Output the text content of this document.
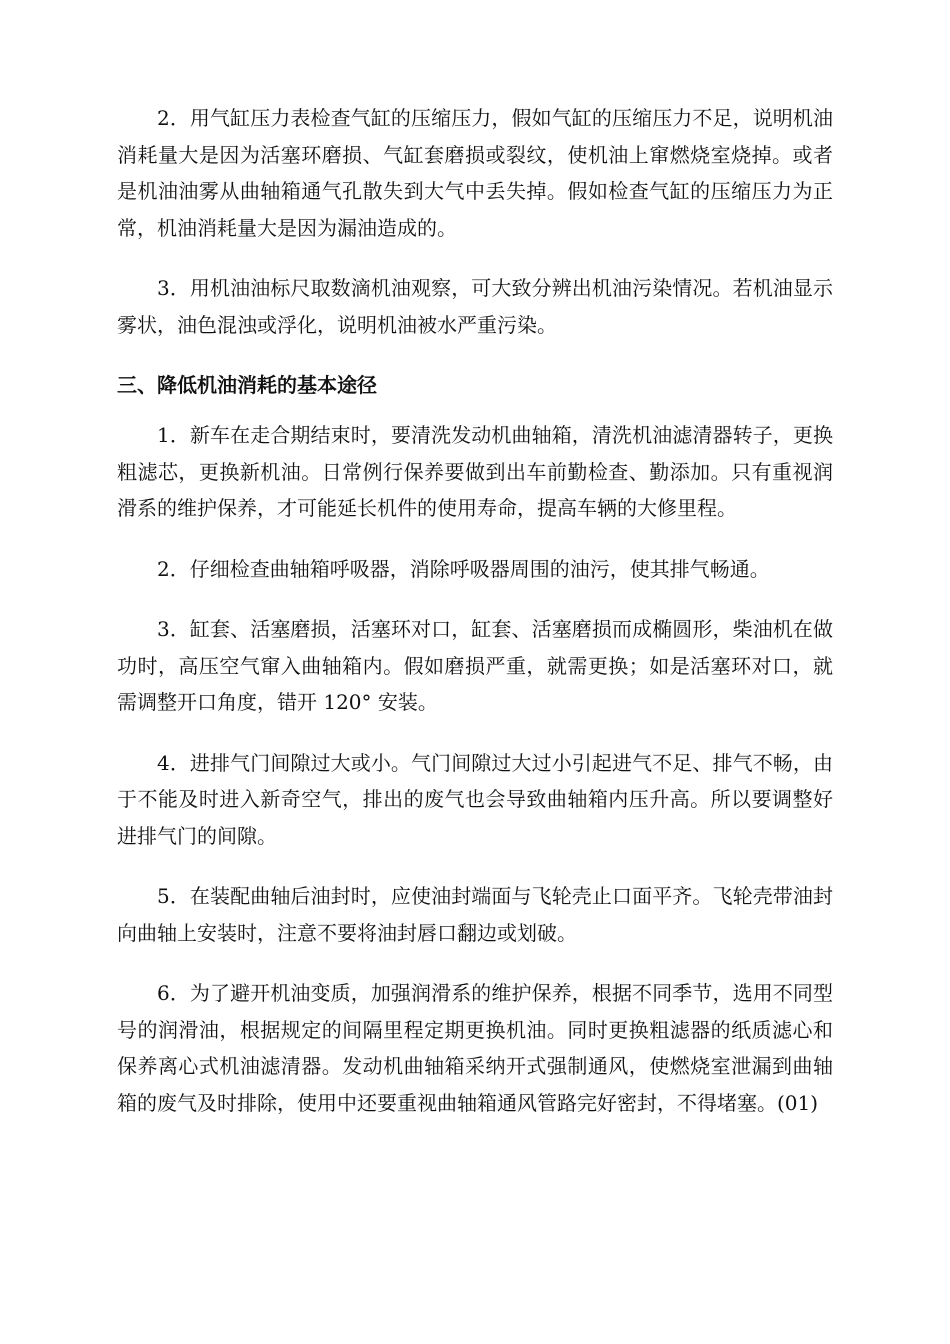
2．用气缸压力表检查气缸的压缩压力，假如气缸的压缩压力不足，说明机油消耗量大是因为活塞环磨损、气缸套磨损或裂纹，使机油上窜燃烧室烧掉。或者是机油油雾从曲轴箱通气孔散失到大气中丢失掉。假如检查气缸的压缩压力为正常，机油消耗量大是因为漏油造成的。

3．用机油油标尺取数滴机油观察，可大致分辨出机油污染情况。若机油显示雾状，油色混浊或浮化，说明机油被水严重污染。

三、降低机油消耗的基本途径

1．新车在走合期结束时，要清洗发动机曲轴箱，清洗机油滤清器转子，更换粗滤芯，更换新机油。日常例行保养要做到出车前勤检查、勤添加。只有重视润滑系的维护保养，才可能延长机件的使用寿命，提高车辆的大修里程。

2．仔细检查曲轴箱呼吸器，消除呼吸器周围的油污，使其排气畅通。

3．缸套、活塞磨损，活塞环对口，缸套、活塞磨损而成椭圆形，柴油机在做功时，高压空气窜入曲轴箱内。假如磨损严重，就需更换；如是活塞环对口，就需调整开口角度，错开 120° 安装。

4．进排气门间隙过大或小。气门间隙过大过小引起进气不足、排气不畅，由于不能及时进入新奇空气，排出的废气也会导致曲轴箱内压升高。所以要调整好进排气门的间隙。

5．在装配曲轴后油封时，应使油封端面与飞轮壳止口面平齐。飞轮壳带油封向曲轴上安装时，注意不要将油封唇口翻边或划破。

6．为了避开机油变质，加强润滑系的维护保养，根据不同季节，选用不同型号的润滑油，根据规定的间隔里程定期更换机油。同时更换粗滤器的纸质滤心和保养离心式机油滤清器。发动机曲轴箱采纳开式强制通风，使燃烧室泄漏到曲轴箱的废气及时排除，使用中还要重视曲轴箱通风管路完好密封，不得堵塞。(01)
